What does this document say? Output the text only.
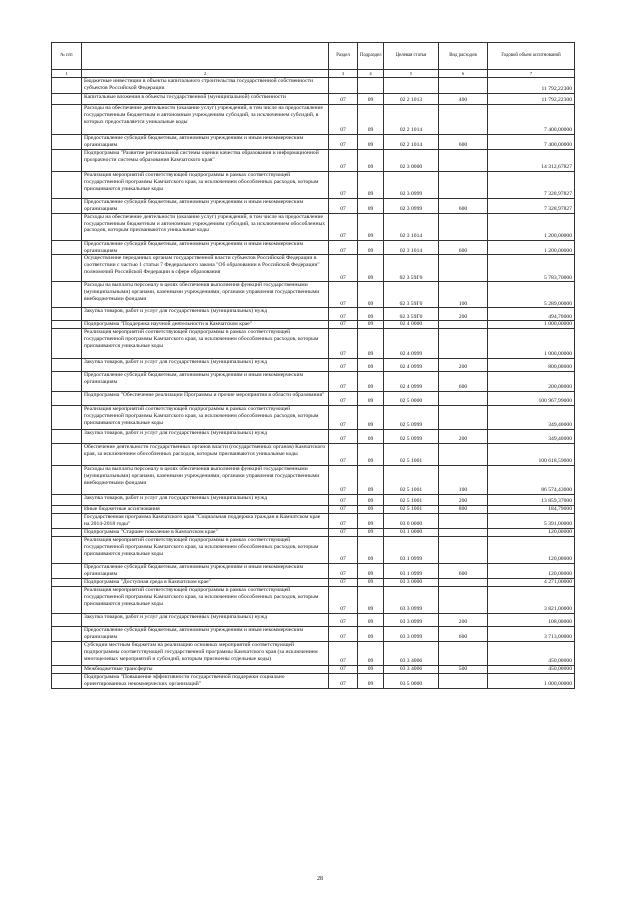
№ п/п		Раздел	Подраздел	Целевая статья	Вид расходов	Годовой объем ассигнований
1	2	3	4	5	6	7
	Бюджетные инвестиции в объекты капитального строительства государственной собственности субъектов Российской Федерации					11 792,22300
	Капитальные вложения в объекты государственной (муниципальной) собственности	07	09	02 2 1013	400	11 792,22300
	Расходы на обеспечение деятельности (оказание услуг) учреждений, в том числе на предоставление государственным бюджетным и автономным учреждениям субсидий, за исключением субсидий, в которых предоставляется уникальные коды	07	09	02 2 1014		7 400,00000
	Предоставление субсидий бюджетным, автономным учреждениям и иным некоммерческим организациям	07	09	02 2 1014	600	7 400,00000
	Подпрограмма "Развитие региональной системы оценки качества образования и информационной прозрачности системы образования Камчатского края"	07	09	02 3 0000		14 312,67827
	Реализация мероприятий соответствующей подпрограммы в рамках соответствующей государственной программы Камчатского края, за исключением обособленных расходов, которым присваиваются уникальные коды	07	09	02 3 0999		7 328,97827
	Предоставление субсидий бюджетным, автономным учреждениям и иным некоммерческим организациям	07	09	02 3 0999	600	7 328,97827
	Расходы на обеспечение деятельности (оказание услуг) учреждений, в том числе на предоставление государственным бюджетным и автономным учреждениям субсидий, за исключением обособленных расходов, которым присваиваются уникальные коды	07	09	02 3 1014		1 200,00000
	Предоставление субсидий бюджетным, автономным учреждениям и иным некоммерческим организациям	07	09	02 3 1014	600	1 200,00000
	Осуществление переданных органам государственной власти субъектов Российской Федерации в соответствии с частью 1 статьи 7 Федерального закона "Об образовании в Российской Федерации" полномочий Российской Федерации в сфере образования	07	09	02 3 59Г0		5 783,70000
	Расходы на выплаты персоналу в целях обеспечения выполнения функций государственными (муниципальными) органами, казенными учреждениями, органами управления государственными внебюджетными фондами	07	09	02 3 59Г0	100	5 289,00000
	Закупка товаров, работ и услуг для государственных (муниципальных) нужд	07	09	02 3 59Г0	200	494,70000
	Подпрограмма "Поддержка научной деятельности в Камчатском крае"	07	09	02 4 0000		1 000,00000
	Реализация мероприятий соответствующей подпрограммы в рамках соответствующей государственной программы Камчатского края, за исключением обособленных расходов, которым присваиваются уникальные коды	07	09	02 4 0999		1 000,00000
	Закупка товаров, работ и услуг для государственных (муниципальных) нужд	07	09	02 4 0999	200	800,00000
	Предоставление субсидий бюджетным, автономным учреждениям и иным некоммерческим организациям	07	09	02 4 0999	600	200,00000
	Подпрограмма "Обеспечение реализации Программы и прочие мероприятия в области образования"	07	09	02 5 0000		100 967,99000
	Реализация мероприятий соответствующей подпрограммы в рамках соответствующей государственной программы Камчатского края, за исключением обособленных расходов, которым присваиваются уникальные коды	07	09	02 5 0999		349,40000
	Закупка товаров, работ и услуг для государственных (муниципальных) нужд	07	09	02 5 0999	200	349,40000
	Обеспечение деятельности государственных органов власти (государственных органов) Камчатского края, за исключением обособленных расходов, которым присваиваются уникальные коды	07	09	02 5 1001		100 618,59000
	Расходы на выплаты персоналу в целях обеспечения выполнения функций государственными (муниципальными) органами, казенными учреждениями, органами управления государственными внебюджетными фондами	07	09	02 5 1001	100	86 574,43000
	Закупка товаров, работ и услуг для государственных (муниципальных) нужд	07	09	02 5 1001	200	13 859,37000
	Иные бюджетные ассигнования	07	09	02 5 1001	800	184,79000
	Государственная программа Камчатского края "Социальная поддержка граждан в Камчатском крае на 2014-2018 годы"	07	09	03 0 0000		5 391,00000
	Подпрограмма "Старшее поколение в Камчатском крае"	07	09	03 1 0000		120,00000
	Реализация мероприятий соответствующей подпрограммы в рамках соответствующей государственной программы Камчатского края, за исключением обособленных расходов, которым присваиваются уникальные коды	07	09	03 1 0999		120,00000
	Предоставление субсидий бюджетным, автономным учреждениям и иным некоммерческим организациям	07	09	03 1 0999	600	120,00000
	Подпрограмма "Доступная среда в Камчатском крае"	07	09	03 3 0000		4 271,00000
	Реализация мероприятий соответствующей подпрограммы в рамках соответствующей государственной программы Камчатского края, за исключением обособленных расходов, которым присваиваются уникальные коды	07	09	03 3 0999		3 821,00000
	Закупка товаров, работ и услуг для государственных (муниципальных) нужд	07	09	03 3 0999	200	108,00000
	Предоставление субсидий бюджетным, автономным учреждениям и иным некоммерческим организациям	07	09	03 3 0999	600	3 713,00000
	Субсидии местным бюджетам на реализацию основных мероприятий соответствующей подпрограммы соответствующей государственной программы Камчатского края (за исключением многоцелевых мероприятий и субсидий, которым присвоены отдельные коды)	07	09	03 3 4006		450,00000
	Межбюджетные трансферты	07	09	03 3 4006	500	450,00000
	Подпрограмма "Повышение эффективности государственной поддержки социально ориентированных некоммерческих организаций"	07	09	03 5 0000		1 000,00000
28
